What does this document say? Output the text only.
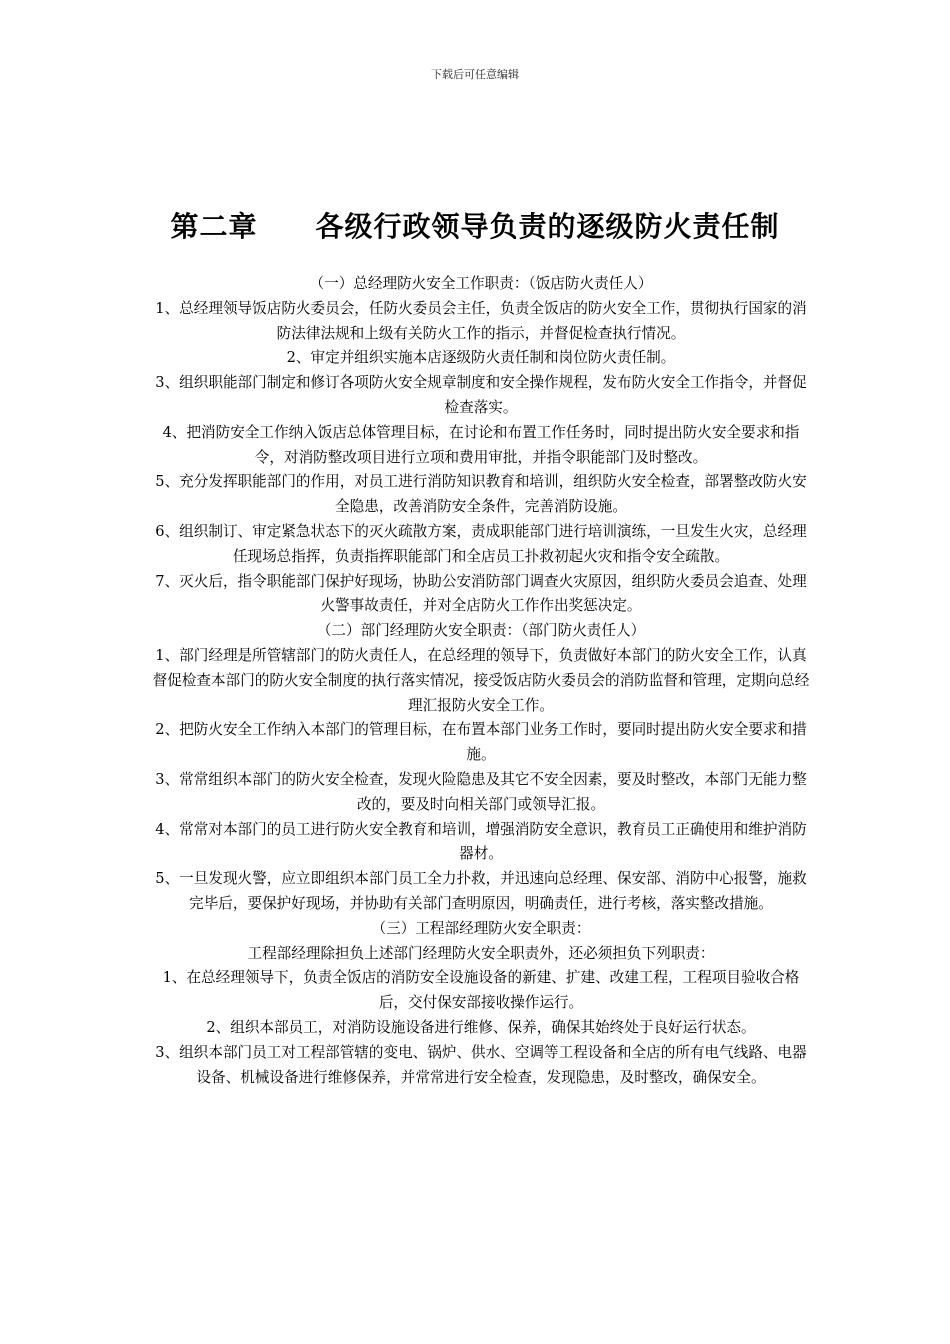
下载后可任意编辑
第二章 各级行政领导负责的逐级防火责任制

（一）总经理防火安全工作职责：（饭店防火责任人）

1、总经理领导饭店防火委员会，任防火委员会主任，负责全饭店的防火安全工作，贯彻执行国家的消防法律法规和上级有关防火工作的指示，并督促检查执行情况。

2、审定并组织实施本店逐级防火责任制和岗位防火责任制。

3、组织职能部门制定和修订各项防火安全规章制度和安全操作规程，发布防火安全工作指令，并督促检查落实。

4、把消防安全工作纳入饭店总体管理目标，在讨论和布置工作任务时，同时提出防火安全要求和指令，对消防整改项目进行立项和费用审批，并指令职能部门及时整改。

5、充分发挥职能部门的作用，对员工进行消防知识教育和培训，组织防火安全检查，部署整改防火安全隐患，改善消防安全条件，完善消防设施。

6、组织制订、审定紧急状态下的灭火疏散方案，责成职能部门进行培训演练，一旦发生火灾，总经理任现场总指挥，负责指挥职能部门和全店员工扑救初起火灾和指令安全疏散。

7、灭火后，指令职能部门保护好现场，协助公安消防部门调查火灾原因，组织防火委员会追查、处理火警事故责任，并对全店防火工作作出奖惩决定。

（二）部门经理防火安全职责：（部门防火责任人）

1、部门经理是所管辖部门的防火责任人，在总经理的领导下，负责做好本部门的防火安全工作，认真督促检查本部门的防火安全制度的执行落实情况，接受饭店防火委员会的消防监督和管理，定期向总经理汇报防火安全工作。

2、把防火安全工作纳入本部门的管理目标，在布置本部门业务工作时，要同时提出防火安全要求和措施。

3、常常组织本部门的防火安全检查，发现火险隐患及其它不安全因素，要及时整改，本部门无能力整改的，要及时向相关部门或领导汇报。

4、常常对本部门的员工进行防火安全教育和培训，增强消防安全意识，教育员工正确使用和维护消防器材。

5、一旦发现火警，应立即组织本部门员工全力扑救，并迅速向总经理、保安部、消防中心报警，施救完毕后，要保护好现场，并协助有关部门查明原因，明确责任，进行考核，落实整改措施。

（三）工程部经理防火安全职责：

工程部经理除担负上述部门经理防火安全职责外，还必须担负下列职责：

1、在总经理领导下，负责全饭店的消防安全设施设备的新建、扩建、改建工程，工程项目验收合格后，交付保安部接收操作运行。

2、组织本部员工，对消防设施设备进行维修、保养，确保其始终处于良好运行状态。

3、组织本部门员工对工程部管辖的变电、锅炉、供水、空调等工程设备和全店的所有电气线路、电器设备、机械设备进行维修保养，并常常进行安全检查，发现隐患，及时整改，确保安全。
